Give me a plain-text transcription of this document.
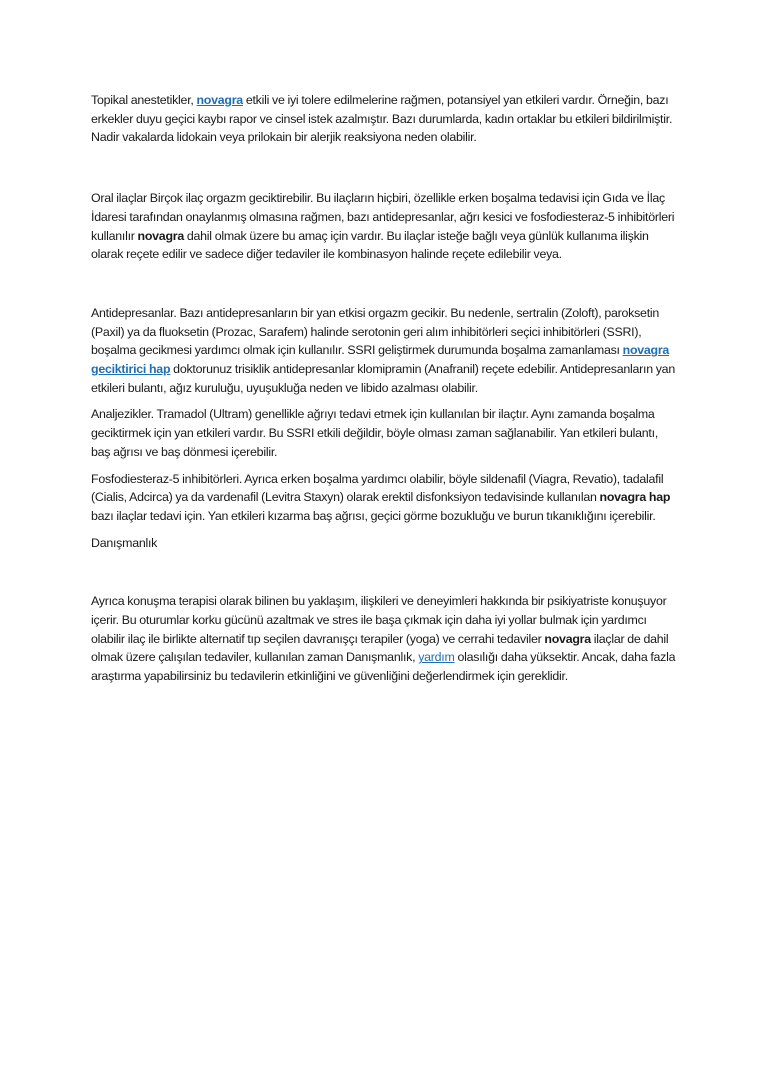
Topikal anestetikler, novagra etkili ve iyi tolere edilmelerine rağmen, potansiyel yan etkileri vardır. Örneğin, bazı erkekler duyu geçici kaybı rapor ve cinsel istek azalmıştır. Bazı durumlarda, kadın ortaklar bu etkileri bildirilmiştir. Nadir vakalarda lidokain veya prilokain bir alerjik reaksiyona neden olabilir.

Oral ilaçlar Birçok ilaç orgazm geciktirebilir. Bu ilaçların hiçbiri, özellikle erken boşalma tedavisi için Gıda ve İlaç İdaresi tarafından onaylanmış olmasına rağmen, bazı antidepresanlar, ağrı kesici ve fosfodiesteraz-5 inhibitörleri kullanılır novagra dahil olmak üzere bu amaç için vardır. Bu ilaçlar isteğe bağlı veya günlük kullanıma ilişkin olarak reçete edilir ve sadece diğer tedaviler ile kombinasyon halinde reçete edilebilir veya.

Antidepresanlar. Bazı antidepresanların bir yan etkisi orgazm gecikir. Bu nedenle, sertralin (Zoloft), paroksetin (Paxil) ya da fluoksetin (Prozac, Sarafem) halinde serotonin geri alım inhibitörleri seçici inhibitörleri (SSRI), boşalma gecikmesi yardımcı olmak için kullanılır. SSRI geliştirmek durumunda boşalma zamanlaması novagra geciktirici hap doktorunuz trisiklik antidepresanlar klomipramin (Anafranil) reçete edebilir. Antidepresanların yan etkileri bulantı, ağız kuruluğu, uyuşukluğa neden ve libido azalması olabilir.

Analjezikler. Tramadol (Ultram) genellikle ağrıyı tedavi etmek için kullanılan bir ilaçtır. Aynı zamanda boşalma geciktirmek için yan etkileri vardır. Bu SSRI etkili değildir, böyle olması zaman sağlanabilir. Yan etkileri bulantı, baş ağrısı ve baş dönmesi içerebilir.

Fosfodiesteraz-5 inhibitörleri. Ayrıca erken boşalma yardımcı olabilir, böyle sildenafil (Viagra, Revatio), tadalafil (Cialis, Adcirca) ya da vardenafil (Levitra Staxyn) olarak erektil disfonksiyon tedavisinde kullanılan novagra hap bazı ilaçlar tedavi için. Yan etkileri kızarma baş ağrısı, geçici görme bozukluğu ve burun tıkanıklığını içerebilir.

Danışmanlık

Ayrıca konuşma terapisi olarak bilinen bu yaklaşım, ilişkileri ve deneyimleri hakkında bir psikiyatriste konuşuyor içerir. Bu oturumlar korku gücünü azaltmak ve stres ile başa çıkmak için daha iyi yollar bulmak için yardımcı olabilir ilaç ile birlikte alternatif tıp seçilen davranışçı terapiler (yoga) ve cerrahi tedaviler novagra ilaçlar de dahil olmak üzere çalışılan tedaviler, kullanılan zaman Danışmanlık, yardım olasılığı daha yüksektir. Ancak, daha fazla araştırma yapabilirsiniz bu tedavilerin etkinliğini ve güvenliğini değerlendirmek için gereklidir.
